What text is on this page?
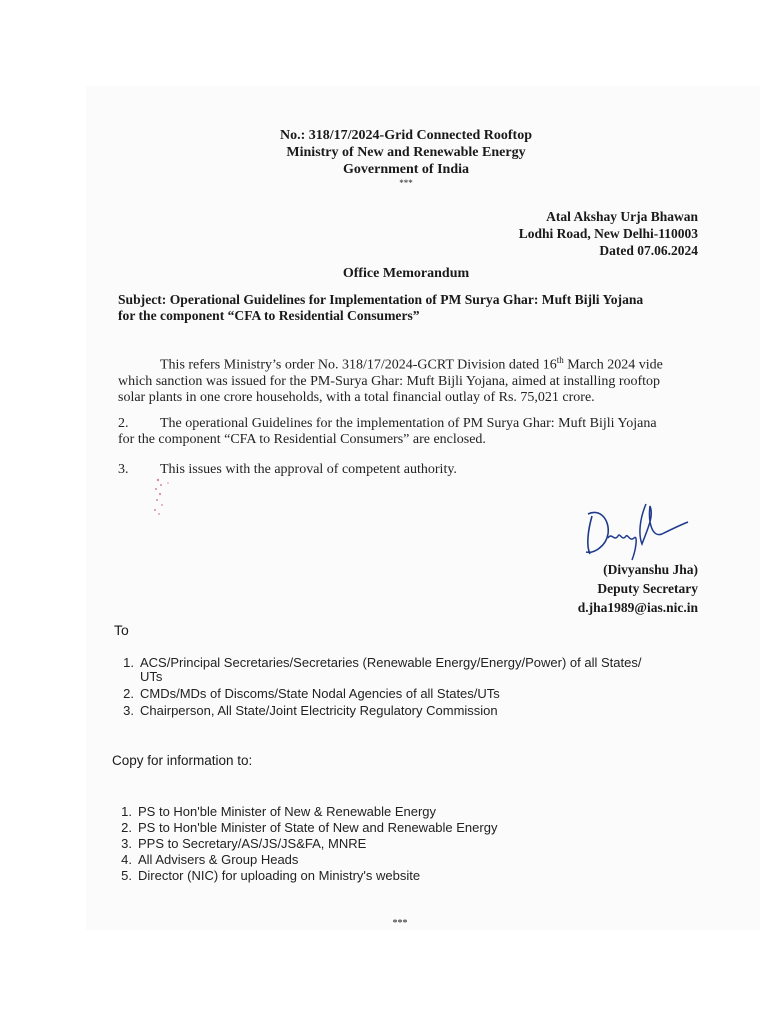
No.: 318/17/2024-Grid Connected Rooftop
Ministry of New and Renewable Energy
Government of India
***
Atal Akshay Urja Bhawan
Lodhi Road, New Delhi-110003
Dated 07.06.2024
Office Memorandum
Subject: Operational Guidelines for Implementation of PM Surya Ghar: Muft Bijli Yojana
for the component “CFA to Residential Consumers”
This refers Ministry’s order No. 318/17/2024-GCRT Division dated 16th March 2024 vide
which sanction was issued for the PM-Surya Ghar: Muft Bijli Yojana, aimed at installing rooftop
solar plants in one crore households, with a total financial outlay of Rs. 75,021 crore.
2. The operational Guidelines for the implementation of PM Surya Ghar: Muft Bijli Yojana
for the component “CFA to Residential Consumers” are enclosed.
3. This issues with the approval of competent authority.
(Divyanshu Jha)
Deputy Secretary
d.jha1989@ias.nic.in
To
1. ACS/Principal Secretaries/Secretaries (Renewable Energy/Energy/Power) of all States/
UTs
2. CMDs/MDs of Discoms/State Nodal Agencies of all States/UTs
3. Chairperson, All State/Joint Electricity Regulatory Commission
Copy for information to:
1. PS to Hon'ble Minister of New & Renewable Energy
2. PS to Hon'ble Minister of State of New and Renewable Energy
3. PPS to Secretary/AS/JS/JS&FA, MNRE
4. All Advisers & Group Heads
5. Director (NIC) for uploading on Ministry's website
***
